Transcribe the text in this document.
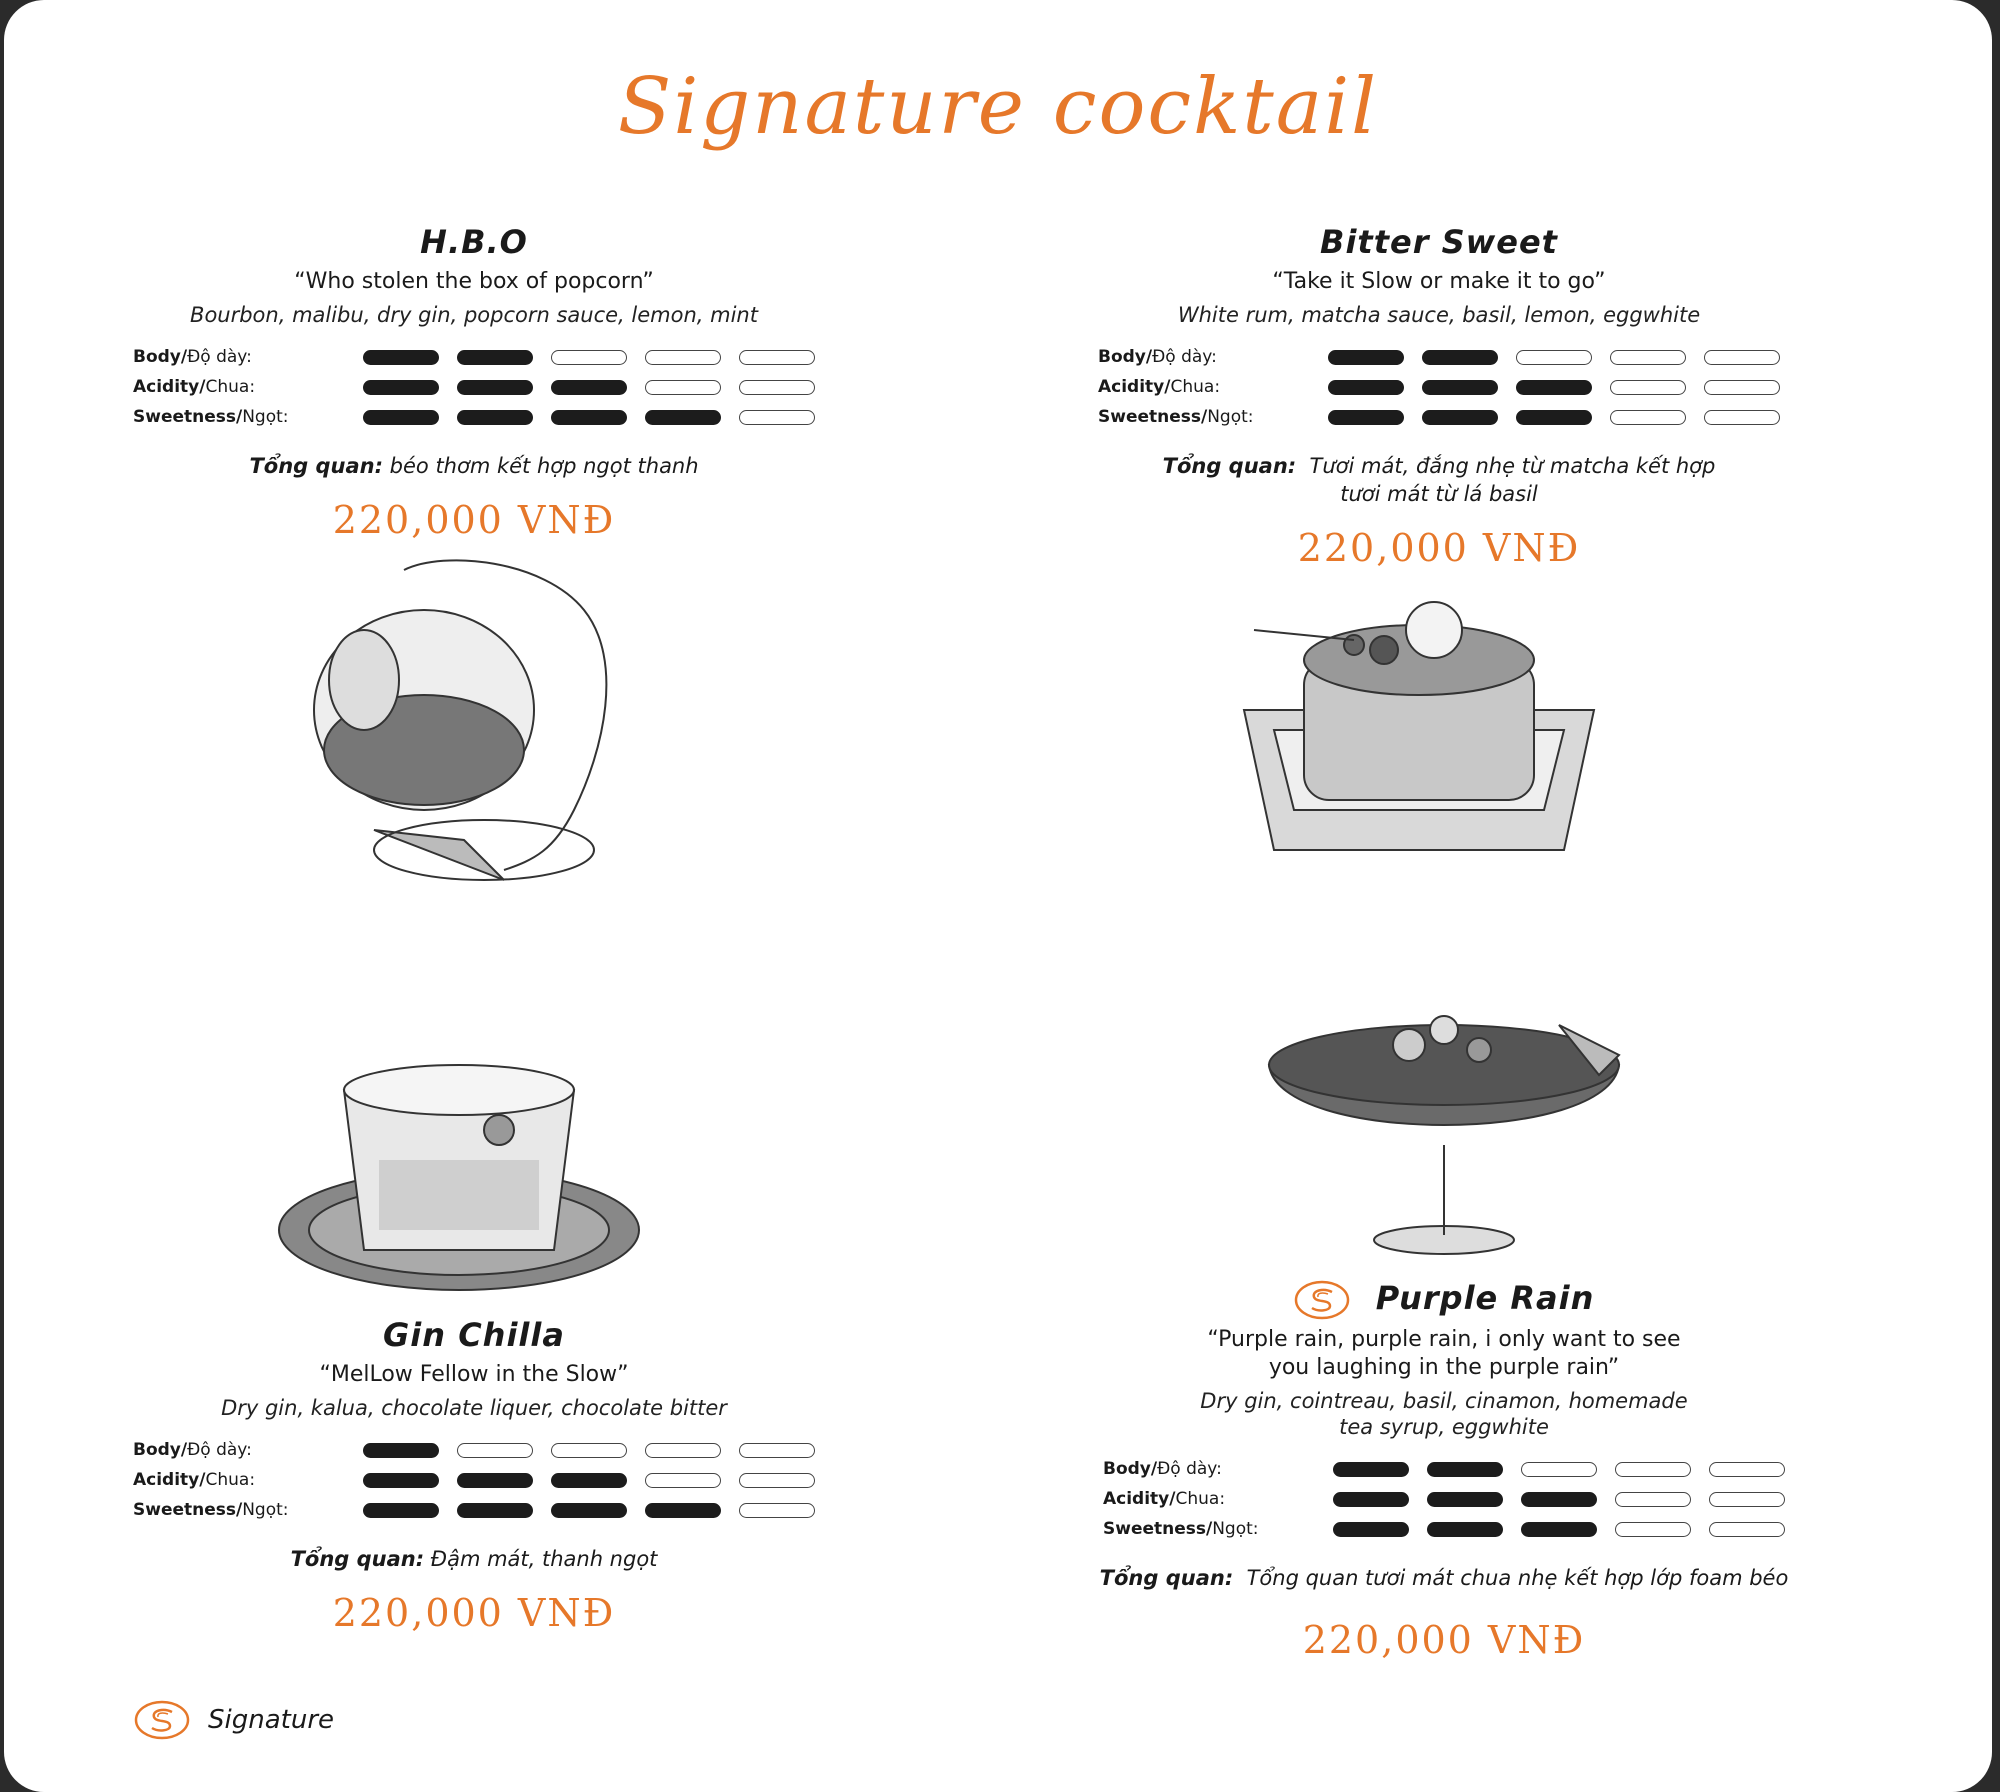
Signature cocktail
H.B.O
“Who stolen the box of popcorn”
Bourbon, malibu, dry gin, popcorn sauce, lemon, mint
Body/Độ dày:
Acidity/Chua:
Sweetness/Ngọt:
Tổng quan: béo thơm kết hợp ngọt thanh
220,000 VNĐ
Bitter Sweet
“Take it Slow or make it to go”
White rum, matcha sauce, basil, lemon, eggwhite
Body/Độ dày:
Acidity/Chua:
Sweetness/Ngọt:
Tổng quan: Tươi mát, đắng nhẹ từ matcha kết hợp
tươi mát từ lá basil
220,000 VNĐ
Gin Chilla
“MelLow Fellow in the Slow”
Dry gin, kalua, chocolate liquer, chocolate bitter
Body/Độ dày:
Acidity/Chua:
Sweetness/Ngọt:
Tổng quan: Đậm mát, thanh ngọt
220,000 VNĐ
Purple Rain
“Purple rain, purple rain, i only want to see
you laughing in the purple rain”
Dry gin, cointreau, basil, cinamon, homemade
tea syrup, eggwhite
Body/Độ dày:
Acidity/Chua:
Sweetness/Ngọt:
Tổng quan: Tổng quan tươi mát chua nhẹ kết hợp lớp foam béo
220,000 VNĐ
Signature
